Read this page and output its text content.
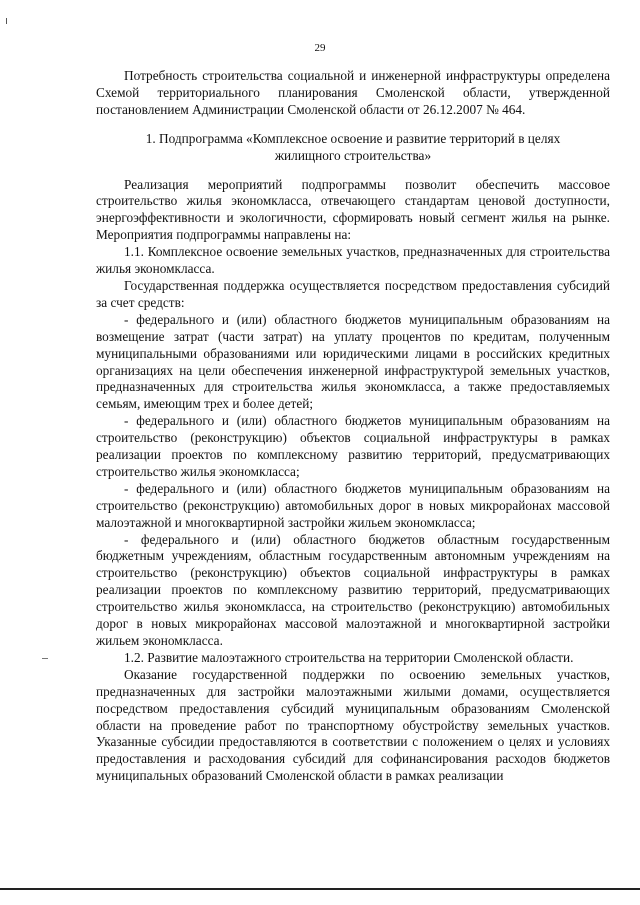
29

Потребность строительства социальной и инженерной инфраструктуры определена Схемой территориального планирования Смоленской области, утвержденной постановлением Администрации Смоленской области от 26.12.2007 № 464.

1. Подпрограмма «Комплексное освоение и развитие территорий в целях жилищного строительства»

Реализация мероприятий подпрограммы позволит обеспечить массовое строительство жилья экономкласса, отвечающего стандартам ценовой доступности, энергоэффективности и экологичности, сформировать новый сегмент жилья на рынке. Мероприятия подпрограммы направлены на:

1.1. Комплексное освоение земельных участков, предназначенных для строительства жилья экономкласса.

Государственная поддержка осуществляется посредством предоставления субсидий за счет средств:

- федерального и (или) областного бюджетов муниципальным образованиям на возмещение затрат (части затрат) на уплату процентов по кредитам, полученным муниципальными образованиями или юридическими лицами в российских кредитных организациях на цели обеспечения инженерной инфраструктурой земельных участков, предназначенных для строительства жилья экономкласса, а также предоставляемых семьям, имеющим трех и более детей;

- федерального и (или) областного бюджетов муниципальным образованиям на строительство (реконструкцию) объектов социальной инфраструктуры в рамках реализации проектов по комплексному развитию территорий, предусматривающих строительство жилья экономкласса;

- федерального и (или) областного бюджетов муниципальным образованиям на строительство (реконструкцию) автомобильных дорог в новых микрорайонах массовой малоэтажной и многоквартирной застройки жильем экономкласса;

- федерального и (или) областного бюджетов областным государственным бюджетным учреждениям, областным государственным автономным учреждениям на строительство (реконструкцию) объектов социальной инфраструктуры в рамках реализации проектов по комплексному развитию территорий, предусматривающих строительство жилья экономкласса, на строительство (реконструкцию) автомобильных дорог в новых микрорайонах массовой малоэтажной и многоквартирной застройки жильем экономкласса.

1.2. Развитие малоэтажного строительства на территории Смоленской области.

Оказание государственной поддержки по освоению земельных участков, предназначенных для застройки малоэтажными жилыми домами, осуществляется посредством предоставления субсидий муниципальным образованиям Смоленской области на проведение работ по транспортному обустройству земельных участков. Указанные субсидии предоставляются в соответствии с положением о целях и условиях предоставления и расходования субсидий для софинансирования расходов бюджетов муниципальных образований Смоленской области в рамках реализации
